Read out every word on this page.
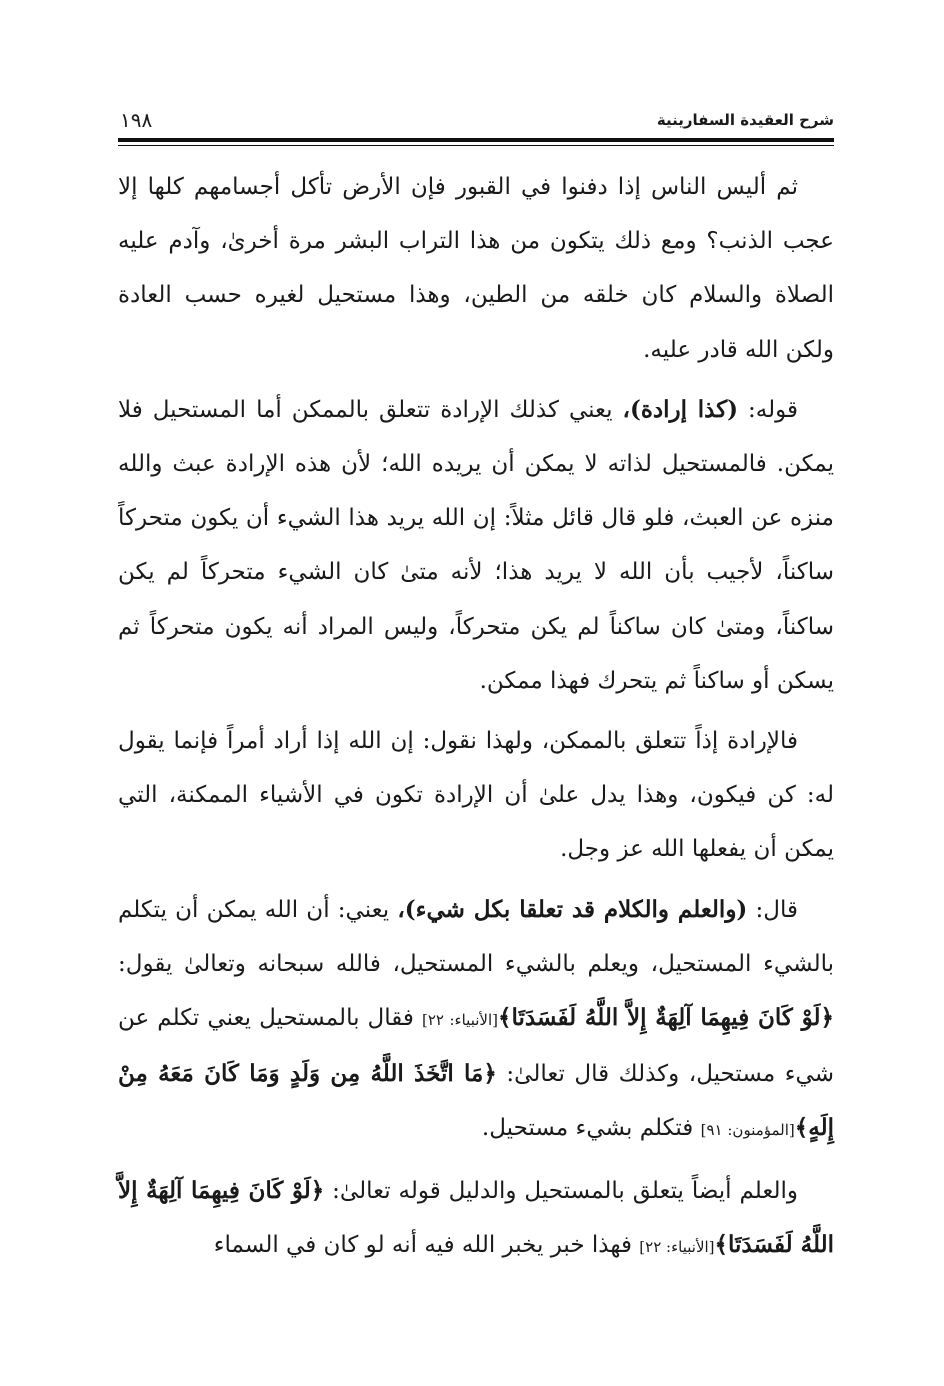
١٩٨	شرح العقيدة السفارينية

ثم أليس الناس إذا دفنوا في القبور فإن الأرض تأكل أجسامهم كلها إلا عجب الذنب؟ ومع ذلك يتكون من هذا التراب البشر مرة أخرىٰ، وآدم عليه الصلاة والسلام كان خلقه من الطين، وهذا مستحيل لغيره حسب العادة ولكن الله قادر عليه.

قوله: (كذا إرادة)، يعني كذلك الإرادة تتعلق بالممكن أما المستحيل فلا يمكن. فالمستحيل لذاته لا يمكن أن يريده الله؛ لأن هذه الإرادة عبث والله منزه عن العبث، فلو قال قائل مثلاً: إن الله يريد هذا الشيء أن يكون متحركاً ساكناً، لأجيب بأن الله لا يريد هذا؛ لأنه متىٰ كان الشيء متحركاً لم يكن ساكناً، ومتىٰ كان ساكناً لم يكن متحركاً، وليس المراد أنه يكون متحركاً ثم يسكن أو ساكناً ثم يتحرك فهذا ممكن.

فالإرادة إذاً تتعلق بالممكن، ولهذا نقول: إن الله إذا أراد أمراً فإنما يقول له: كن فيكون، وهذا يدل علىٰ أن الإرادة تكون في الأشياء الممكنة، التي يمكن أن يفعلها الله عز وجل.

قال: (والعلم والكلام قد تعلقا بكل شيء)، يعني: أن الله يمكن أن يتكلم بالشيء المستحيل، ويعلم بالشيء المستحيل، فالله سبحانه وتعالىٰ يقول: ﴿لَوْ كَانَ فِيهِمَا آلِهَةٌ إِلاَّ اللَّهُ لَفَسَدَتَا﴾[الأنبياء: ٢٢] فقال بالمستحيل يعني تكلم عن شيء مستحيل، وكذلك قال تعالىٰ: ﴿مَا اتَّخَذَ اللَّهُ مِن وَلَدٍ وَمَا كَانَ مَعَهُ مِنْ إِلَهٍ﴾[المؤمنون: ٩١] فتكلم بشيء مستحيل.

والعلم أيضاً يتعلق بالمستحيل والدليل قوله تعالىٰ: ﴿لَوْ كَانَ فِيهِمَا آلِهَةٌ إِلاَّ اللَّهُ لَفَسَدَتَا﴾[الأنبياء: ٢٢] فهذا خبر يخبر الله فيه أنه لو كان في السماء
